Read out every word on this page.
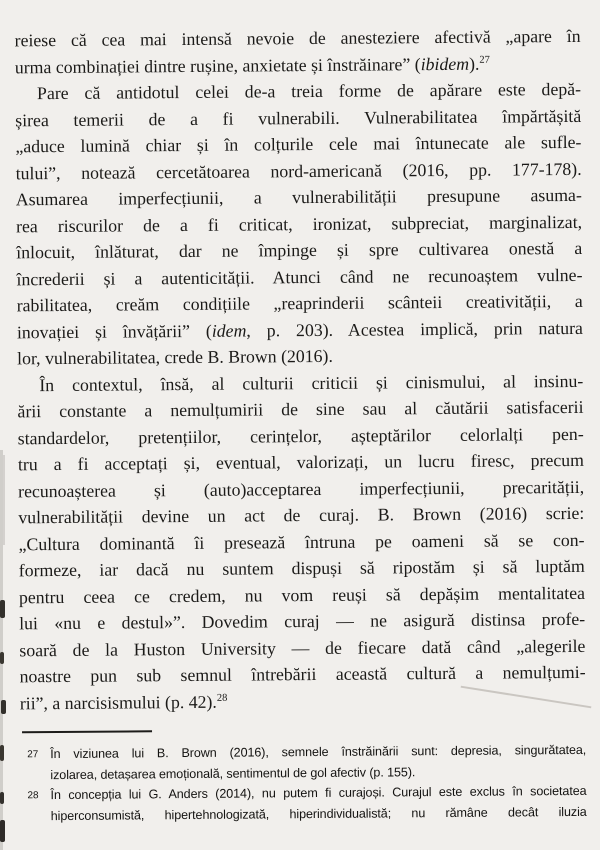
reiese că cea mai intensă nevoie de anesteziere afectivă „apare în
urma combinației dintre rușine, anxietate și înstrăinare” (ibidem).$^{27}$
Pare că antidotul celei de-a treia forme de apărare este depă-
șirea temerii de a fi vulnerabili. Vulnerabilitatea împărtășită
„aduce lumină chiar și în colțurile cele mai întunecate ale sufle-
tului”, notează cercetătoarea nord-americană (2016, pp. 177-178).
Asumarea imperfecțiunii, a vulnerabilității presupune asuma-
rea riscurilor de a fi criticat, ironizat, subpreciat, marginalizat,
înlocuit, înlăturat, dar ne împinge și spre cultivarea onestă a
încrederii și a autenticității. Atunci când ne recunoaștem vulne-
rabilitatea, creăm condițiile „reaprinderii scânteii creativității, a
inovației și învățării” (idem, p. 203). Acestea implică, prin natura
lor, vulnerabilitatea, crede B. Brown (2016).
În contextul, însă, al culturii criticii și cinismului, al insinu-
ării constante a nemulțumirii de sine sau al căutării satisfacerii
standardelor, pretențiilor, cerințelor, așteptărilor celorlalți pen-
tru a fi acceptați și, eventual, valorizați, un lucru firesc, precum
recunoașterea și (auto)acceptarea imperfecțiunii, precarității,
vulnerabilității devine un act de curaj. B. Brown (2016) scrie:
„Cultura dominantă îi presează întruna pe oameni să se con-
formeze, iar dacă nu suntem dispuși să ripostăm și să luptăm
pentru ceea ce credem, nu vom reuși să depășim mentalitatea
lui «nu e destul»”. Dovedim curaj — ne asigură distinsa profe-
soară de la Huston University — de fiecare dată când „alegerile
noastre pun sub semnul întrebării această cultură a nemulțumi-
rii”, a narcisismului (p. 42).$^{28}$
27 În viziunea lui B. Brown (2016), semnele înstrăinării sunt: depresia, singurătatea,
izolarea, detașarea emoțională, sentimentul de gol afectiv (p. 155).
28 În concepția lui G. Anders (2014), nu putem fi curajoși. Curajul este exclus în societatea
hiperconsumistă, hipertehnologizată, hiperindividualistă; nu rămâne decât iluzia
